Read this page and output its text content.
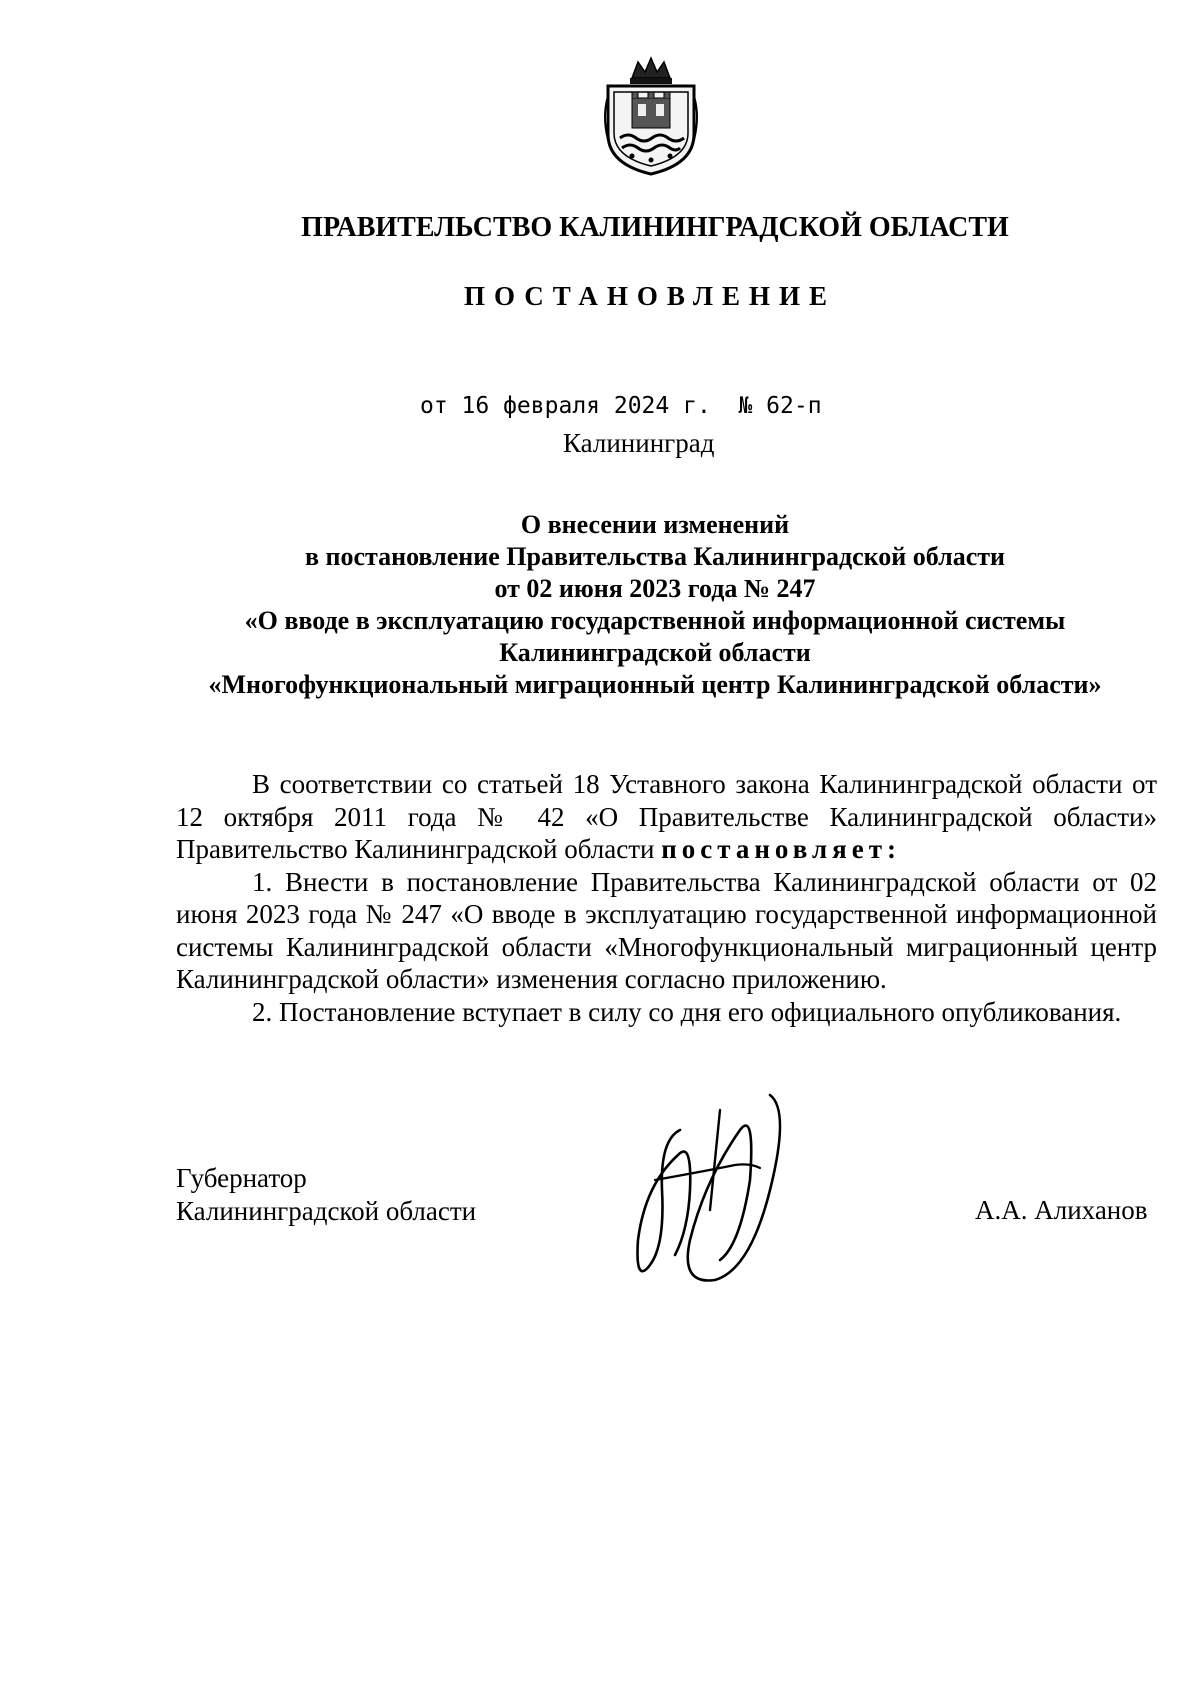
ПРАВИТЕЛЬСТВО КАЛИНИНГРАДСКОЙ ОБЛАСТИ
ПОСТАНОВЛЕНИЕ
от 16 февраля 2024 г.  № 62-п
Калининград
О внесении изменений
в постановление Правительства Калининградской области
от 02 июня 2023 года № 247
«О вводе в эксплуатацию государственной информационной системы
Калининградской области
«Многофункциональный миграционный центр Калининградской области»

В соответствии со статьей 18 Уставного закона Калининградской области от 12 октября 2011 года № 42 «О Правительстве Калининградской области» Правительство Калининградской области постановляет:

1. Внести в постановление Правительства Калининградской области от 02 июня 2023 года № 247 «О вводе в эксплуатацию государственной информационной системы Калининградской области «Многофункциональный миграционный центр Калининградской области» изменения согласно приложению.

2. Постановление вступает в силу со дня его официального опубликования.

Губернатор
Калининградской области	А.А. Алиханов
